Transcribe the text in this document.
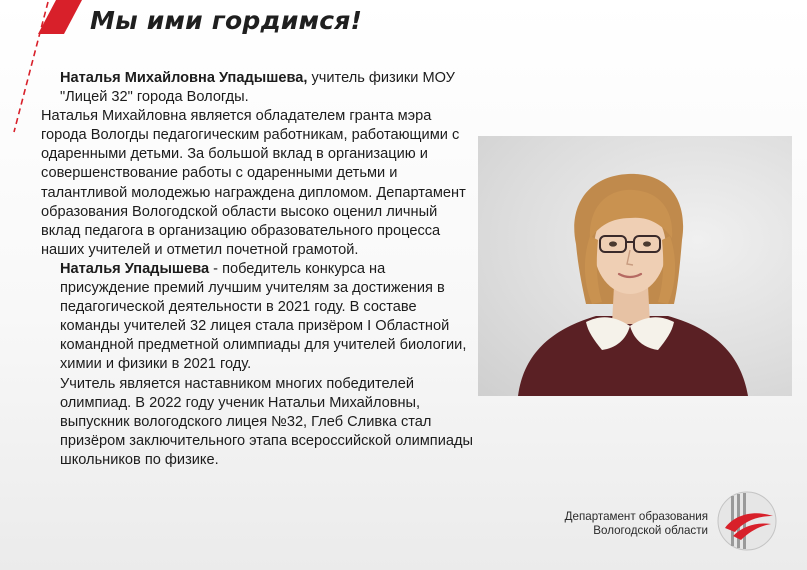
Мы ими гордимся!

Наталья Михайловна Упадышева, учитель физики МОУ "Лицей 32" города Вологды.

Наталья Михайловна является обладателем гранта мэра города Вологды педагогическим работникам, работающими с одаренными детьми. За большой вклад в организацию и совершенствование работы с одаренными детьми и талантливой молодежью награждена дипломом. Департамент образования Вологодской области высоко оценил личный вклад педагога в организацию образовательного процесса наших учителей и отметил почетной грамотой.

Наталья Упадышева - победитель конкурса на присуждение премий лучшим учителям за достижения в педагогической деятельности в 2021 году. В составе команды учителей 32 лицея стала призёром I Областной командной предметной олимпиады для учителей биологии, химии и физики в 2021 году.

Учитель является наставником многих победителей олимпиад. В 2022 году ученик Натальи Михайловны, выпускник вологодского лицея №32, Глеб Сливка стал призёром заключительного этапа всероссийской олимпиады школьников по физике.

Департамент образования
Вологодской области
